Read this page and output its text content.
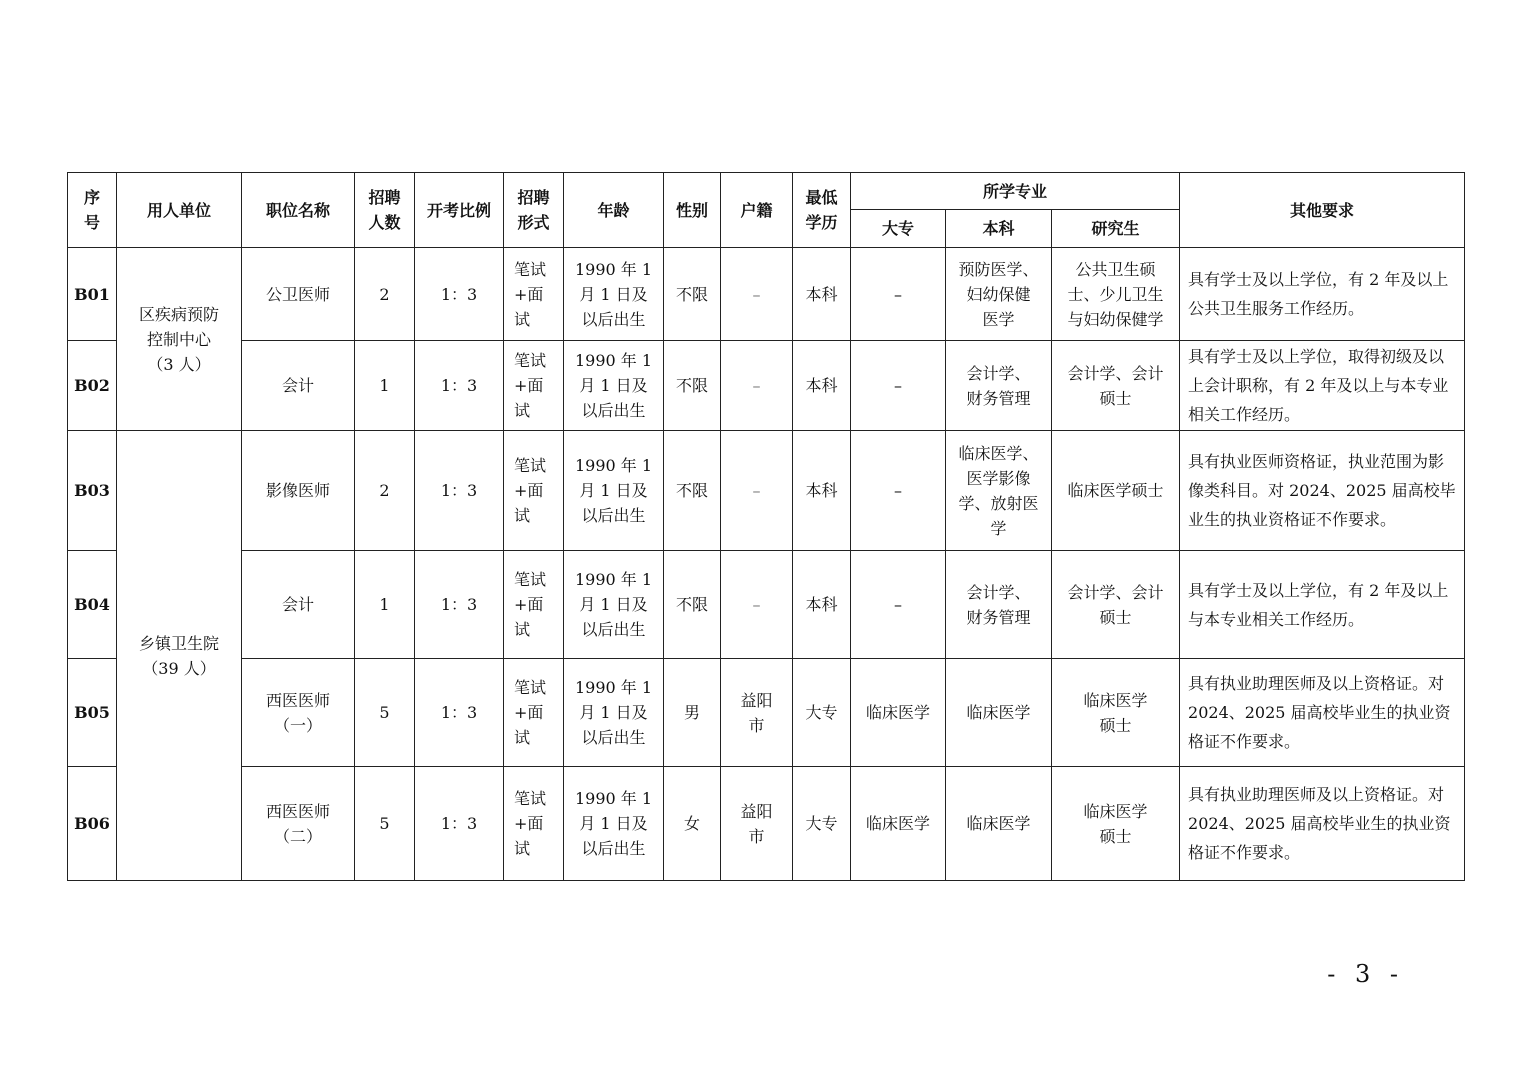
序
号	用人单位	职位名称	招聘
人数	开考比例	招聘
形式	年龄	性别	户籍	最低
学历	所学专业			其他要求
										大专	本科	研究生	
B01	区疾病预防
控制中心
（3 人）	公卫医师	2	1：3	笔试
+面
试	1990 年 1
月 1 日及
以后出生	不限	–	本科	–	预防医学、
妇幼保健
医学	公共卫生硕
士、少儿卫生
与妇幼保健学	具有学士及以上学位，有 2 年及以上公共卫生服务工作经历。
B02		会计	1	1：3	笔试
+面
试	1990 年 1
月 1 日及
以后出生	不限	–	本科	–	会计学、
财务管理	会计学、会计
硕士	具有学士及以上学位，取得初级及以上会计职称，有 2 年及以上与本专业相关工作经历。
B03	乡镇卫生院
（39 人）	影像医师	2	1：3	笔试
+面
试	1990 年 1
月 1 日及
以后出生	不限	–	本科	–	临床医学、
医学影像
学、放射医
学	临床医学硕士	具有执业医师资格证，执业范围为影像类科目。对 2024、2025 届高校毕业生的执业资格证不作要求。
B04		会计	1	1：3	笔试
+面
试	1990 年 1
月 1 日及
以后出生	不限	–	本科	–	会计学、
财务管理	会计学、会计
硕士	具有学士及以上学位，有 2 年及以上与本专业相关工作经历。
B05		西医医师
（一）	5	1：3	笔试
+面
试	1990 年 1
月 1 日及
以后出生	男	益阳
市	大专	临床医学	临床医学	临床医学
硕士	具有执业助理医师及以上资格证。对 2024、2025 届高校毕业生的执业资格证不作要求。
B06		西医医师
（二）	5	1：3	笔试
+面
试	1990 年 1
月 1 日及
以后出生	女	益阳
市	大专	临床医学	临床医学	临床医学
硕士	具有执业助理医师及以上资格证。对 2024、2025 届高校毕业生的执业资格证不作要求。
- 3 -
